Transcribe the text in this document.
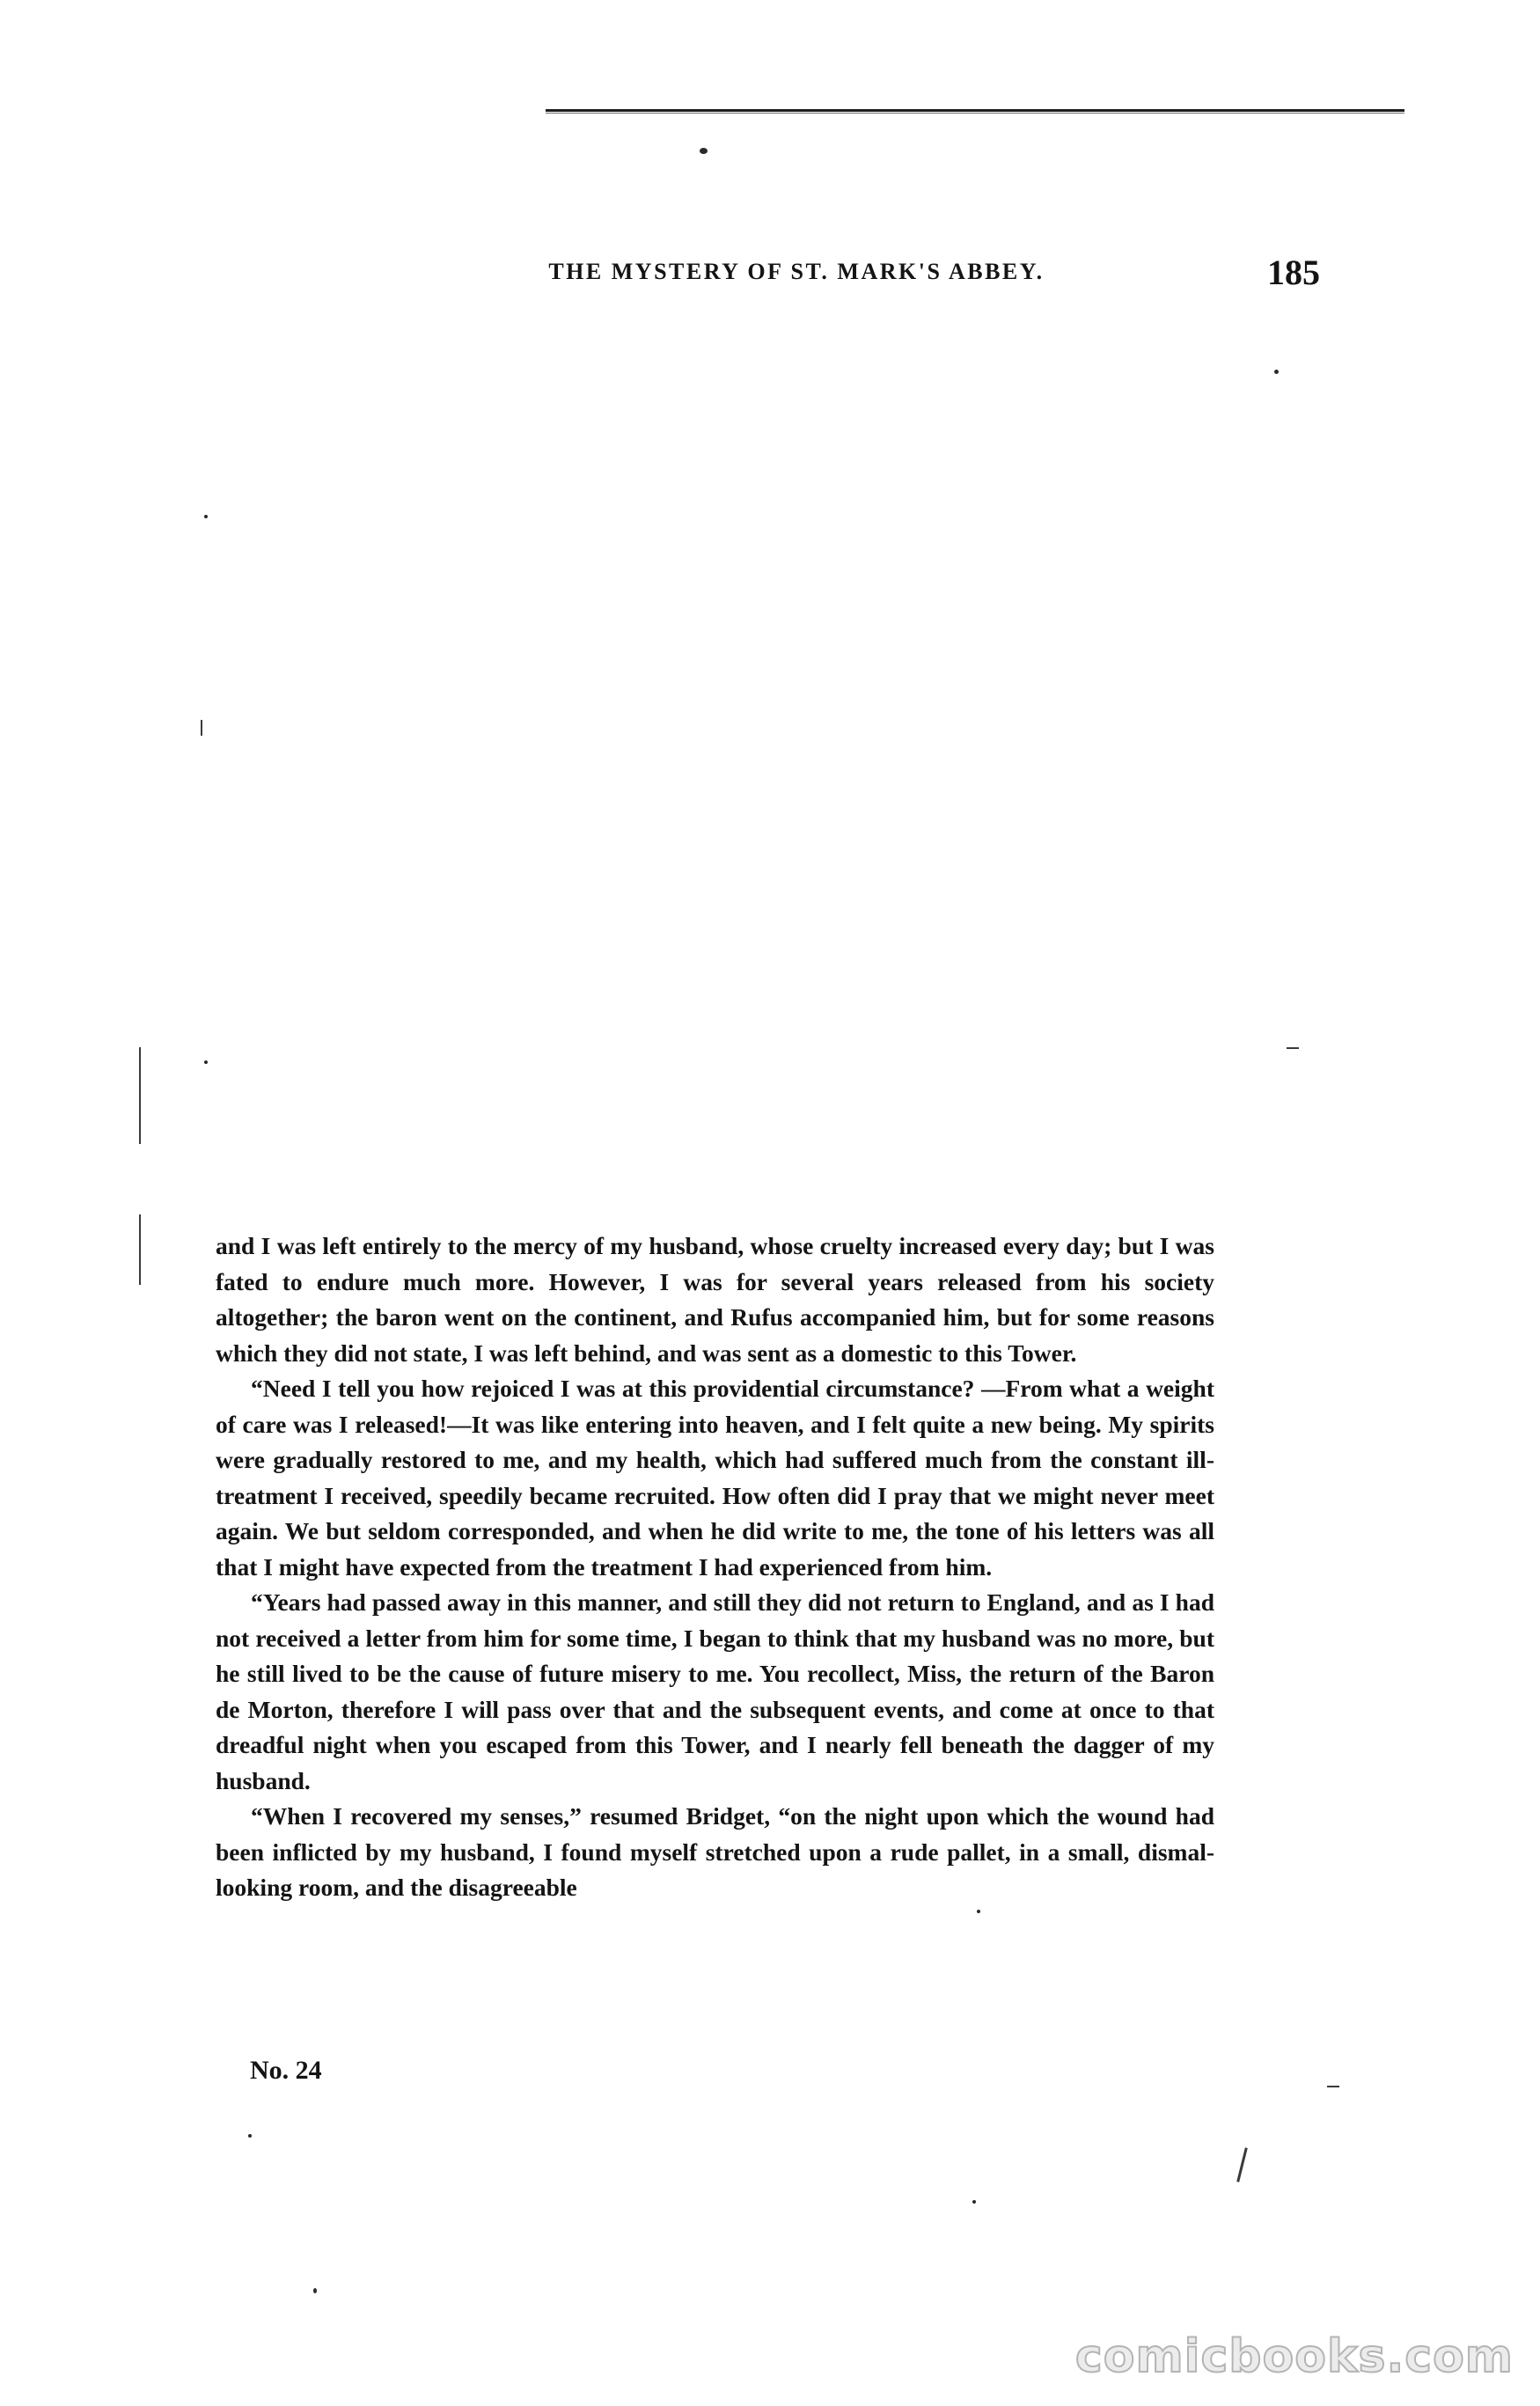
THE MYSTERY OF ST. MARK'S ABBEY.	185

and I was left entirely to the mercy of my husband, whose cruelty increased every day; but I was fated to endure much more. However, I was for several years released from his society altogether; the baron went on the continent, and Rufus accompanied him, but for some reasons which they did not state, I was left behind, and was sent as a domestic to this Tower.

“Need I tell you how rejoiced I was at this providential circumstance? —From what a weight of care was I released!—It was like entering into heaven, and I felt quite a new being. My spirits were gradually restored to me, and my health, which had suffered much from the constant ill-treatment I received, speedily became recruited. How often did I pray that we might never meet again. We but seldom corresponded, and when he did write to me, the tone of his letters was all that I might have expected from the treatment I had experienced from him.

“Years had passed away in this manner, and still they did not return to England, and as I had not received a letter from him for some time, I began to think that my husband was no more, but he still lived to be the cause of future misery to me. You recollect, Miss, the return of the Baron de Morton, therefore I will pass over that and the subsequent events, and come at once to that dreadful night when you escaped from this Tower, and I nearly fell beneath the dagger of my husband.

“When I recovered my senses,” resumed Bridget, “on the night upon which the wound had been inflicted by my husband, I found myself stretched upon a rude pallet, in a small, dismal-looking room, and the disagreeable

No. 24
comicbooks.com
